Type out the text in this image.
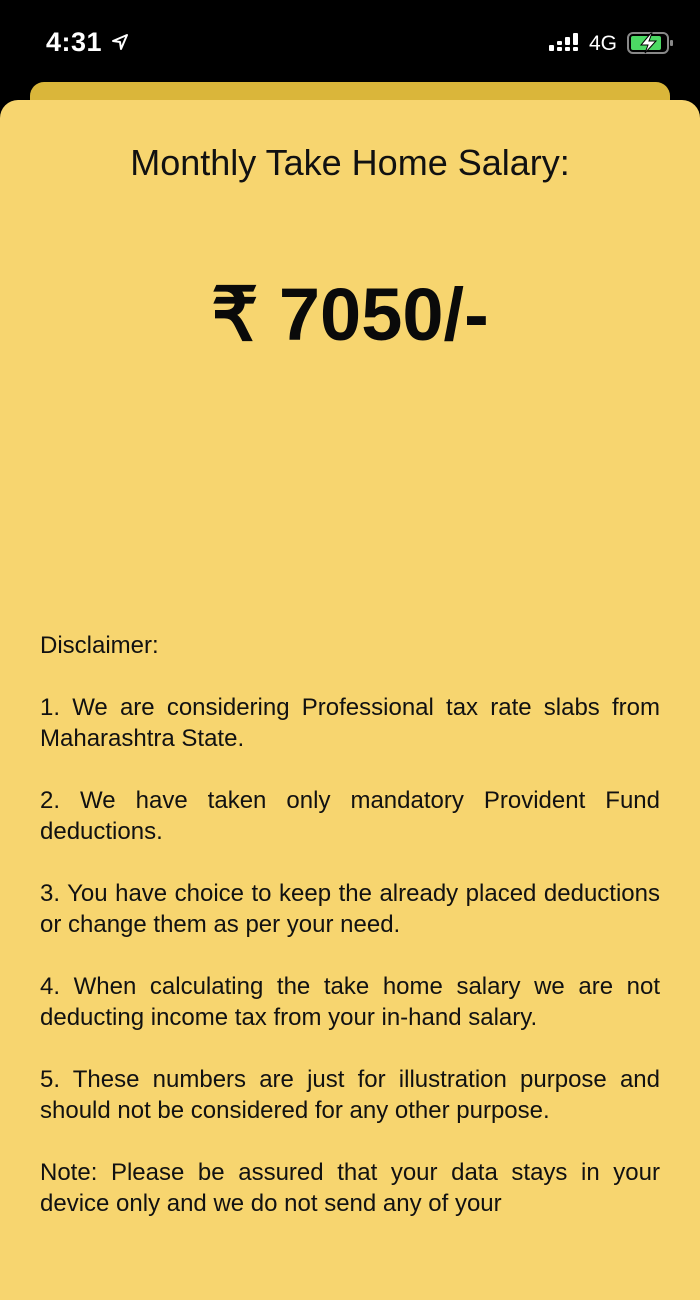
4:31	4G
Monthly Take Home Salary:
₹ 7050/-

Disclaimer:

1. We are considering Professional tax rate slabs from Maharashtra State.

2. We have taken only mandatory Provident Fund deductions.

3. You have choice to keep the already placed deductions or change them as per your need.

4. When calculating the take home salary we are not deducting income tax from your in-hand salary.

5. These numbers are just for illustration purpose and should not be considered for any other purpose.

Note: Please be assured that your data stays in your device only and we do not send any of your
